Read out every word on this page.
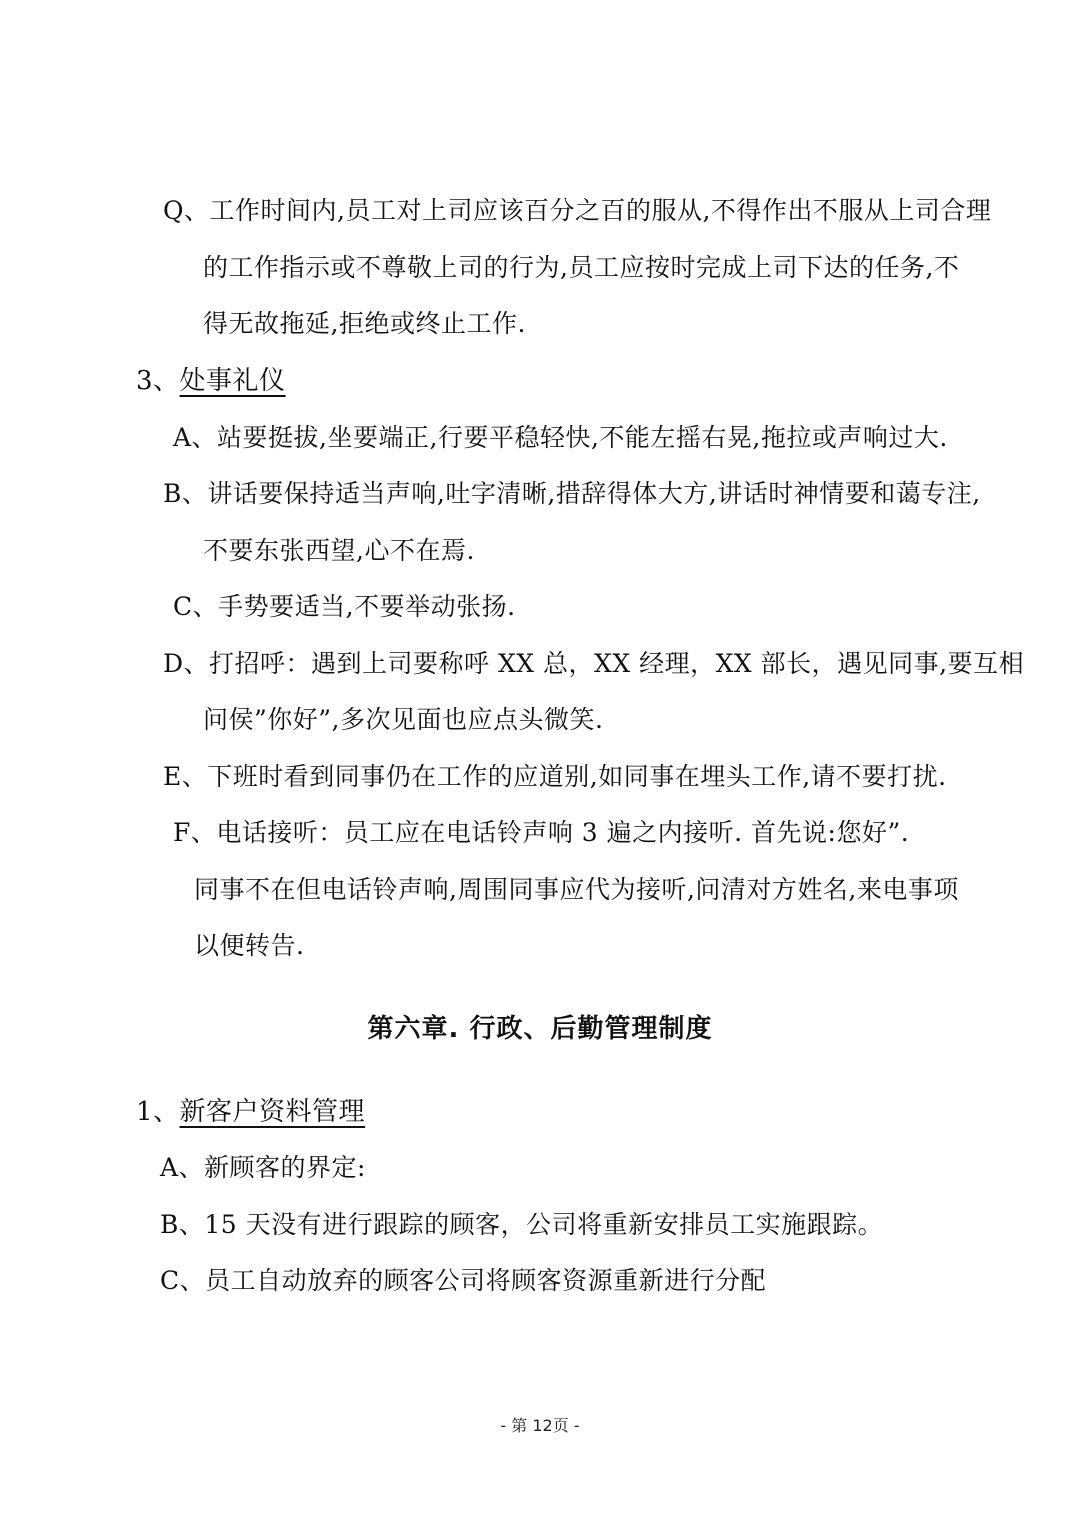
Q、工作时间内,员工对上司应该百分之百的服从,不得作出不服从上司合理
的工作指示或不尊敬上司的行为,员工应按时完成上司下达的任务,不
得无故拖延,拒绝或终止工作.
3、处事礼仪
A、站要挺拔,坐要端正,行要平稳轻快,不能左摇右晃,拖拉或声响过大.
B、讲话要保持适当声响,吐字清晰,措辞得体大方,讲话时神情要和蔼专注,
不要东张西望,心不在焉.
C、手势要适当,不要举动张扬.
D、打招呼：遇到上司要称呼 XX 总，XX 经理，XX 部长，遇见同事,要互相
问侯”你好”,多次见面也应点头微笑.
E、下班时看到同事仍在工作的应道别,如同事在埋头工作,请不要打扰.
F、电话接听：员工应在电话铃声响 3 遍之内接听. 首先说:您好”.
同事不在但电话铃声响,周围同事应代为接听,问清对方姓名,来电事项
以便转告.
第六章. 行政、后勤管理制度
1、新客户资料管理
A、新顾客的界定:
B、15 天没有进行跟踪的顾客，公司将重新安排员工实施跟踪。
C、员工自动放弃的顾客公司将顾客资源重新进行分配
- 第 12页 -
